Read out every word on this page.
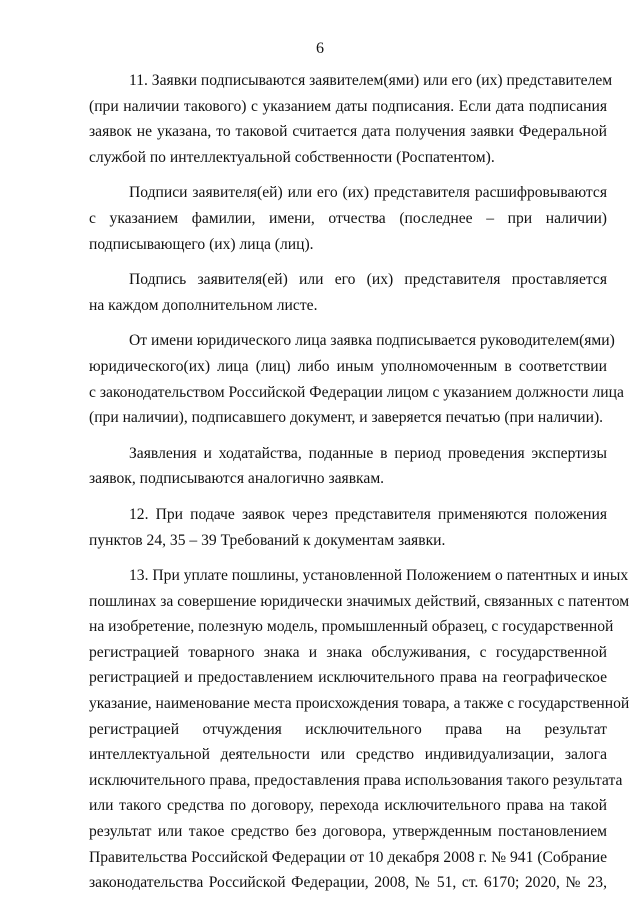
6

11. Заявки подписываются заявителем(ями) или его (их) представителем
(при наличии такового) с указанием даты подписания. Если дата подписания
заявок не указана, то таковой считается дата получения заявки Федеральной
службой по интеллектуальной собственности (Роспатентом).

Подписи заявителя(ей) или его (их) представителя расшифровываются
с указанием фамилии, имени, отчества (последнее – при наличии)
подписывающего (их) лица (лиц).

Подпись заявителя(ей) или его (их) представителя проставляется
на каждом дополнительном листе.

От имени юридического лица заявка подписывается руководителем(ями)
юридического(их) лица (лиц) либо иным уполномоченным в соответствии
с законодательством Российской Федерации лицом с указанием должности лица
(при наличии), подписавшего документ, и заверяется печатью (при наличии).

Заявления и ходатайства, поданные в период проведения экспертизы
заявок, подписываются аналогично заявкам.

12. При подаче заявок через представителя применяются положения
пунктов 24, 35 – 39 Требований к документам заявки.

13. При уплате пошлины, установленной Положением о патентных и иных
пошлинах за совершение юридически значимых действий, связанных с патентом
на изобретение, полезную модель, промышленный образец, с государственной
регистрацией товарного знака и знака обслуживания, с государственной
регистрацией и предоставлением исключительного права на географическое
указание, наименование места происхождения товара, а также с государственной
регистрацией отчуждения исключительного права на результат
интеллектуальной деятельности или средство индивидуализации, залога
исключительного права, предоставления права использования такого результата
или такого средства по договору, перехода исключительного права на такой
результат или такое средство без договора, утвержденным постановлением
Правительства Российской Федерации от 10 декабря 2008 г. № 941 (Собрание
законодательства Российской Федерации, 2008, № 51, ст. 6170; 2020, № 23,
